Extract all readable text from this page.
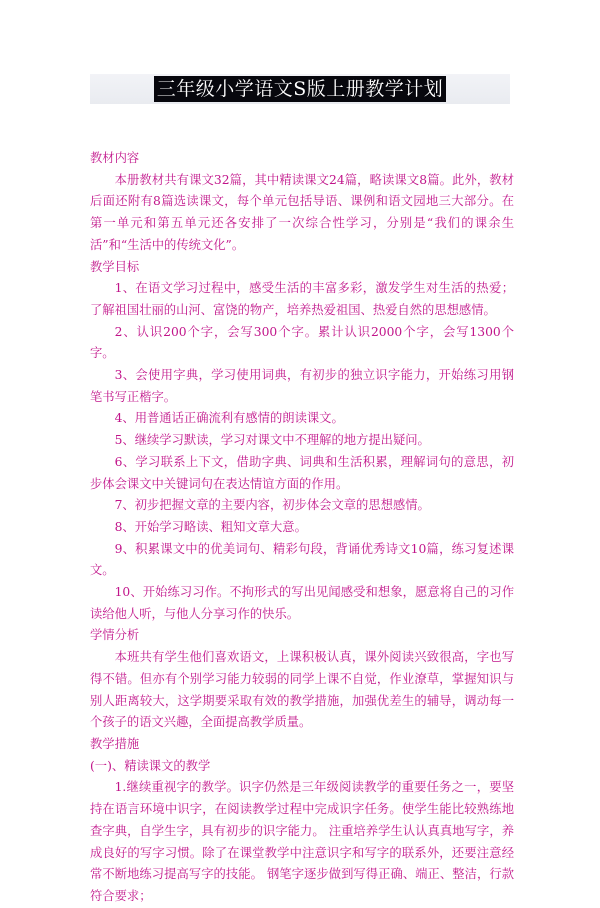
三年级小学语文S版上册教学计划

教材内容

本册教材共有课文32篇，其中精读课文24篇，略读课文8篇。此外，教材后面还附有8篇选读课文，每个单元包括导语、课例和语文园地三大部分。在第一单元和第五单元还各安排了一次综合性学习，分别是“我们的课余生活”和“生活中的传统文化”。

教学目标

1、在语文学习过程中，感受生活的丰富多彩，激发学生对生活的热爱；了解祖国壮丽的山河、富饶的物产，培养热爱祖国、热爱自然的思想感情。

2、认识200个字，会写300个字。累计认识2000个字，会写1300个字。

3、会使用字典，学习使用词典，有初步的独立识字能力，开始练习用钢笔书写正楷字。

4、用普通话正确流利有感情的朗读课文。

5、继续学习默读，学习对课文中不理解的地方提出疑问。

6、学习联系上下文，借助字典、词典和生活积累，理解词句的意思，初步体会课文中关键词句在表达情谊方面的作用。

7、初步把握文章的主要内容，初步体会文章的思想感情。

8、开始学习略读、粗知文章大意。

9、积累课文中的优美词句、精彩句段，背诵优秀诗文10篇，练习复述课文。

10、开始练习习作。不拘形式的写出见闻感受和想象，愿意将自己的习作读给他人听，与他人分享习作的快乐。

学情分析

本班共有学生他们喜欢语文，上课积极认真，课外阅读兴致很高，字也写得不错。但亦有个别学习能力较弱的同学上课不自觉，作业潦草，掌握知识与别人距离较大，这学期要采取有效的教学措施，加强优差生的辅导，调动每一个孩子的语文兴趣，全面提高教学质量。

教学措施

(一)、精读课文的教学

1.继续重视字的教学。识字仍然是三年级阅读教学的重要任务之一，要坚持在语言环境中识字，在阅读教学过程中完成识字任务。使学生能比较熟练地查字典，自学生字，具有初步的识字能力。 注重培养学生认认真真地写字，养成良好的写字习惯。除了在课堂教学中注意识字和写字的联系外，还要注意经常不断地练习提高写字的技能。 钢笔字逐步做到写得正确、端正、整洁，行款符合要求；
